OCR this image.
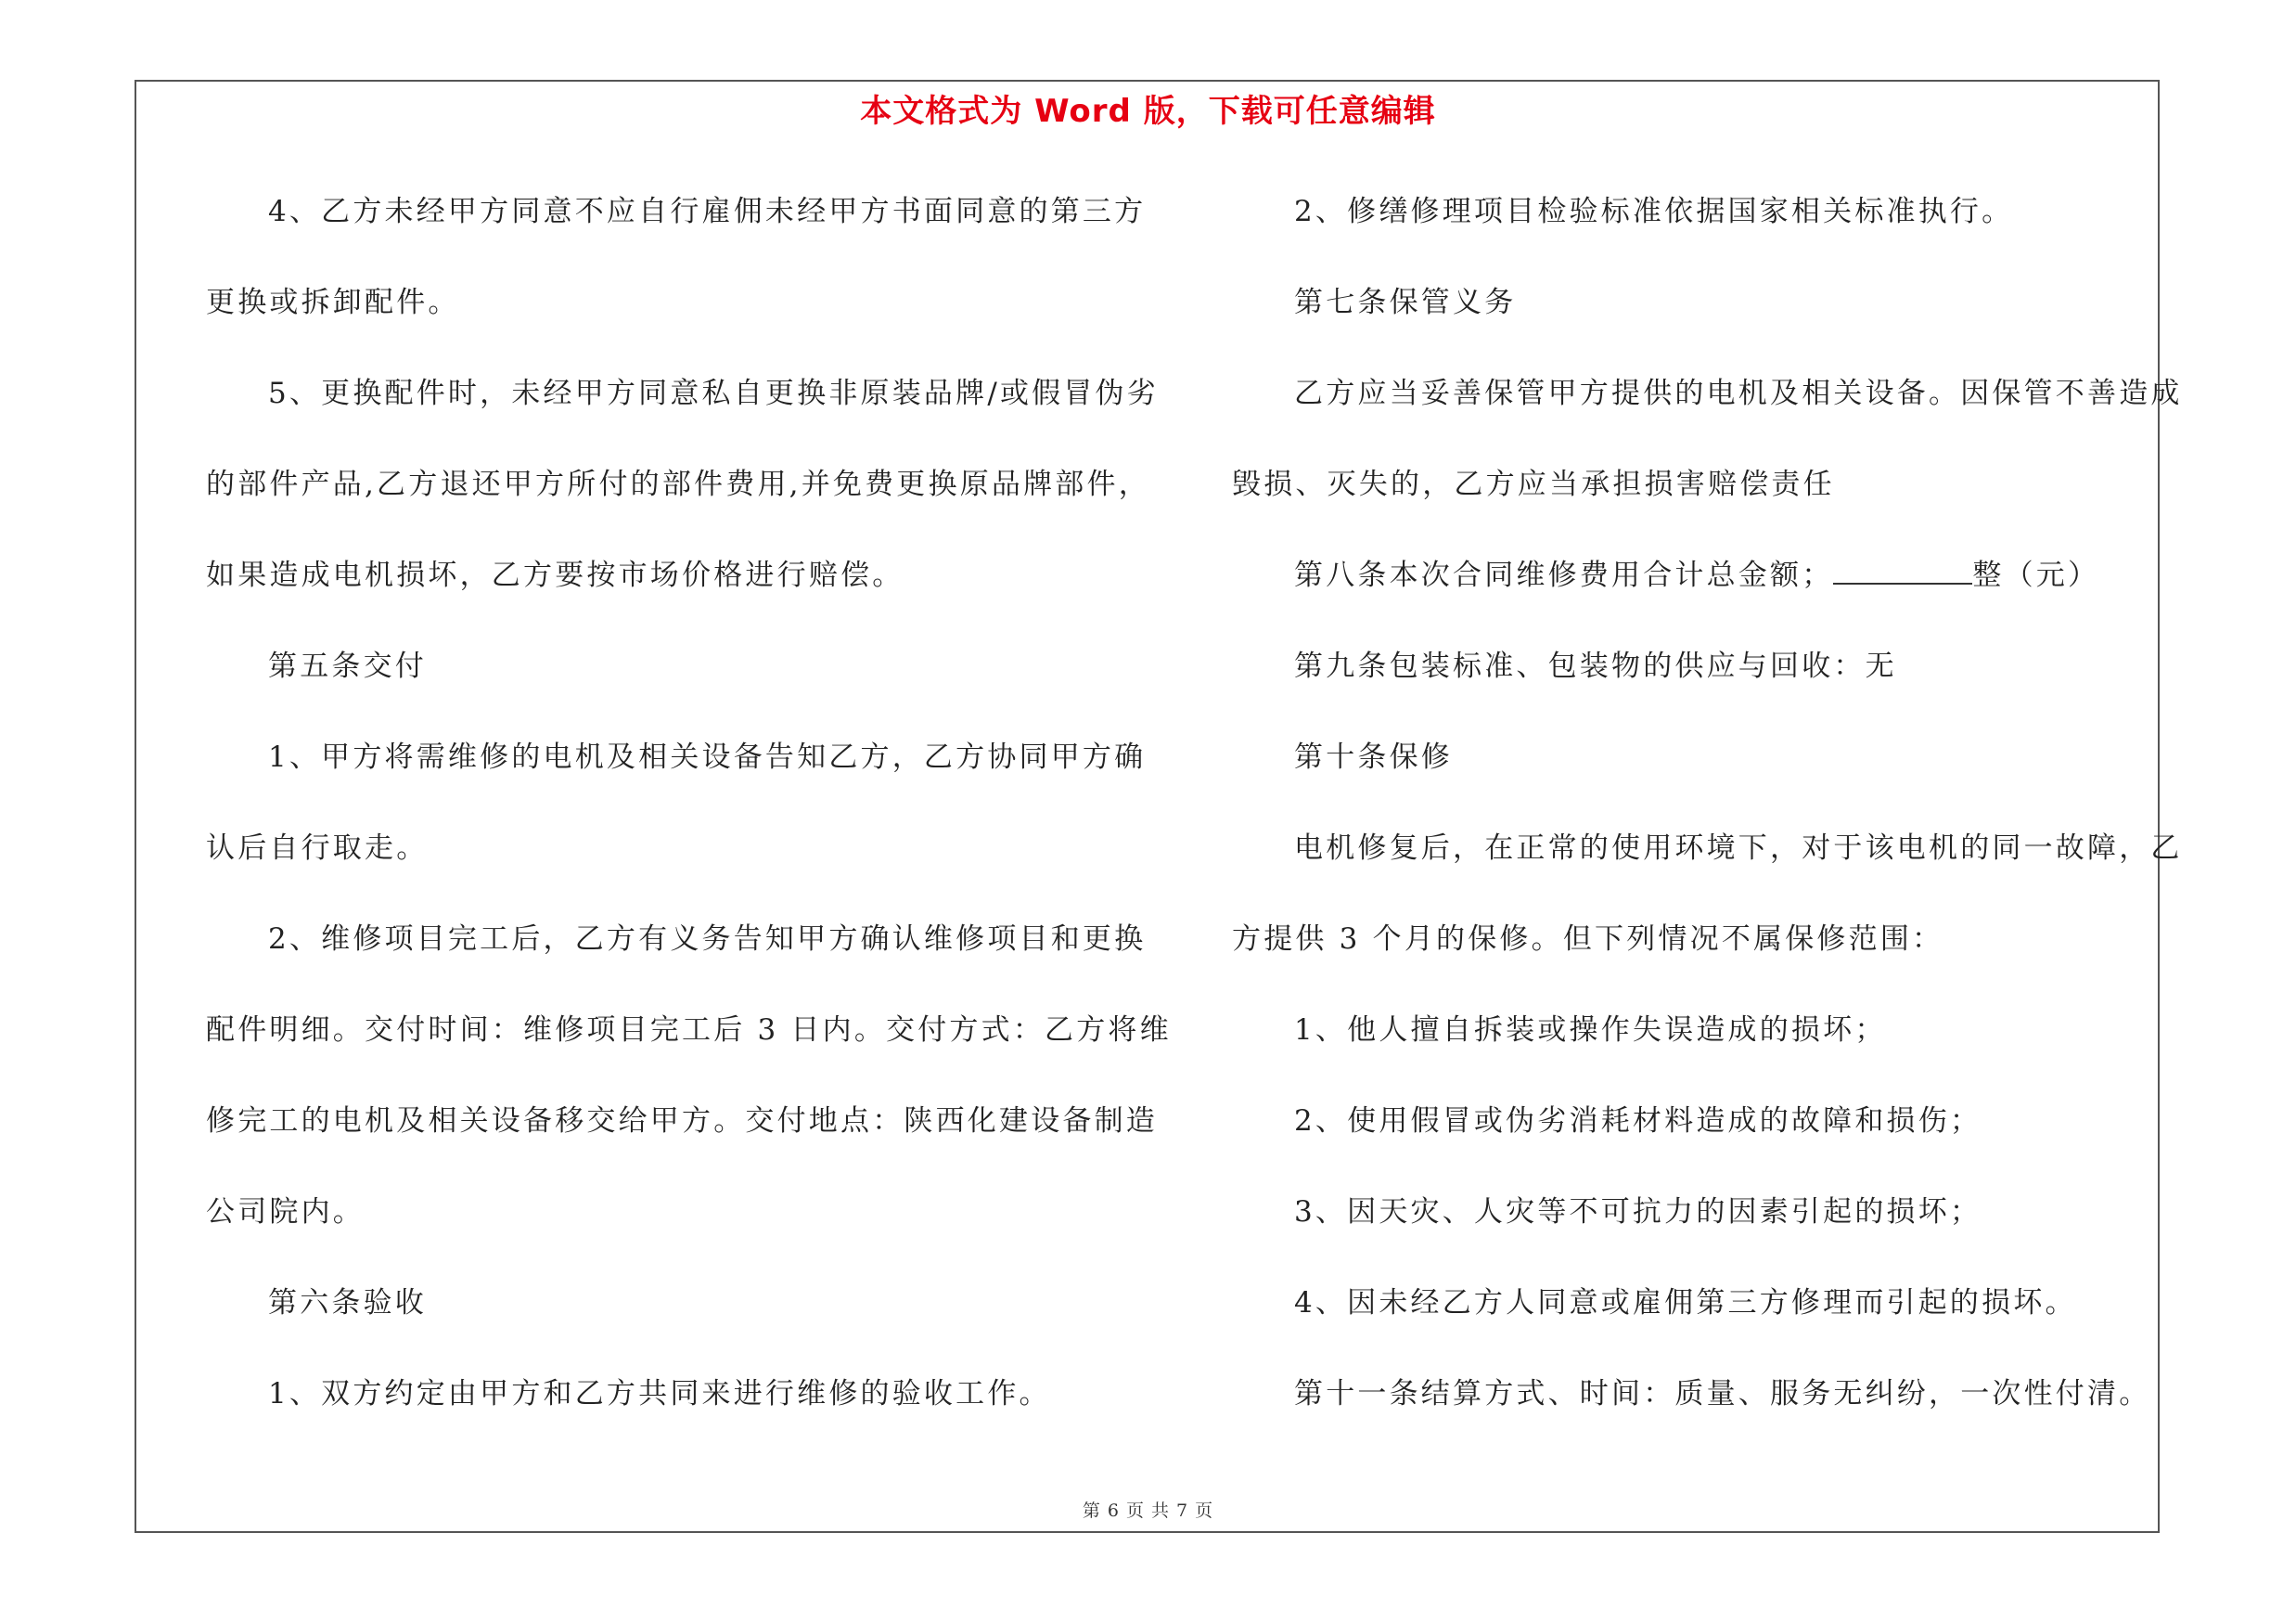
本文格式为 Word 版，下载可任意编辑
4、乙方未经甲方同意不应自行雇佣未经甲方书面同意的第三方
更换或拆卸配件。
5、更换配件时，未经甲方同意私自更换非原装品牌/或假冒伪劣
的部件产品,乙方退还甲方所付的部件费用,并免费更换原品牌部件，
如果造成电机损坏，乙方要按市场价格进行赔偿。
第五条交付
1、甲方将需维修的电机及相关设备告知乙方，乙方协同甲方确
认后自行取走。
2、维修项目完工后，乙方有义务告知甲方确认维修项目和更换
配件明细。交付时间：维修项目完工后 3 日内。交付方式：乙方将维
修完工的电机及相关设备移交给甲方。交付地点：陕西化建设备制造
公司院内。
第六条验收
1、双方约定由甲方和乙方共同来进行维修的验收工作。
2、修缮修理项目检验标准依据国家相关标准执行。
第七条保管义务
乙方应当妥善保管甲方提供的电机及相关设备。因保管不善造成
毁损、灭失的，乙方应当承担损害赔偿责任
第八条本次合同维修费用合计总金额；	整（元）
第九条包装标准、包装物的供应与回收：无
第十条保修
电机修复后，在正常的使用环境下，对于该电机的同一故障，乙
方提供 3 个月的保修。但下列情况不属保修范围：
1、他人擅自拆装或操作失误造成的损坏；
2、使用假冒或伪劣消耗材料造成的故障和损伤；
3、因天灾、人灾等不可抗力的因素引起的损坏；
4、因未经乙方人同意或雇佣第三方修理而引起的损坏。
第十一条结算方式、时间：质量、服务无纠纷，一次性付清。
第 6 页 共 7 页
